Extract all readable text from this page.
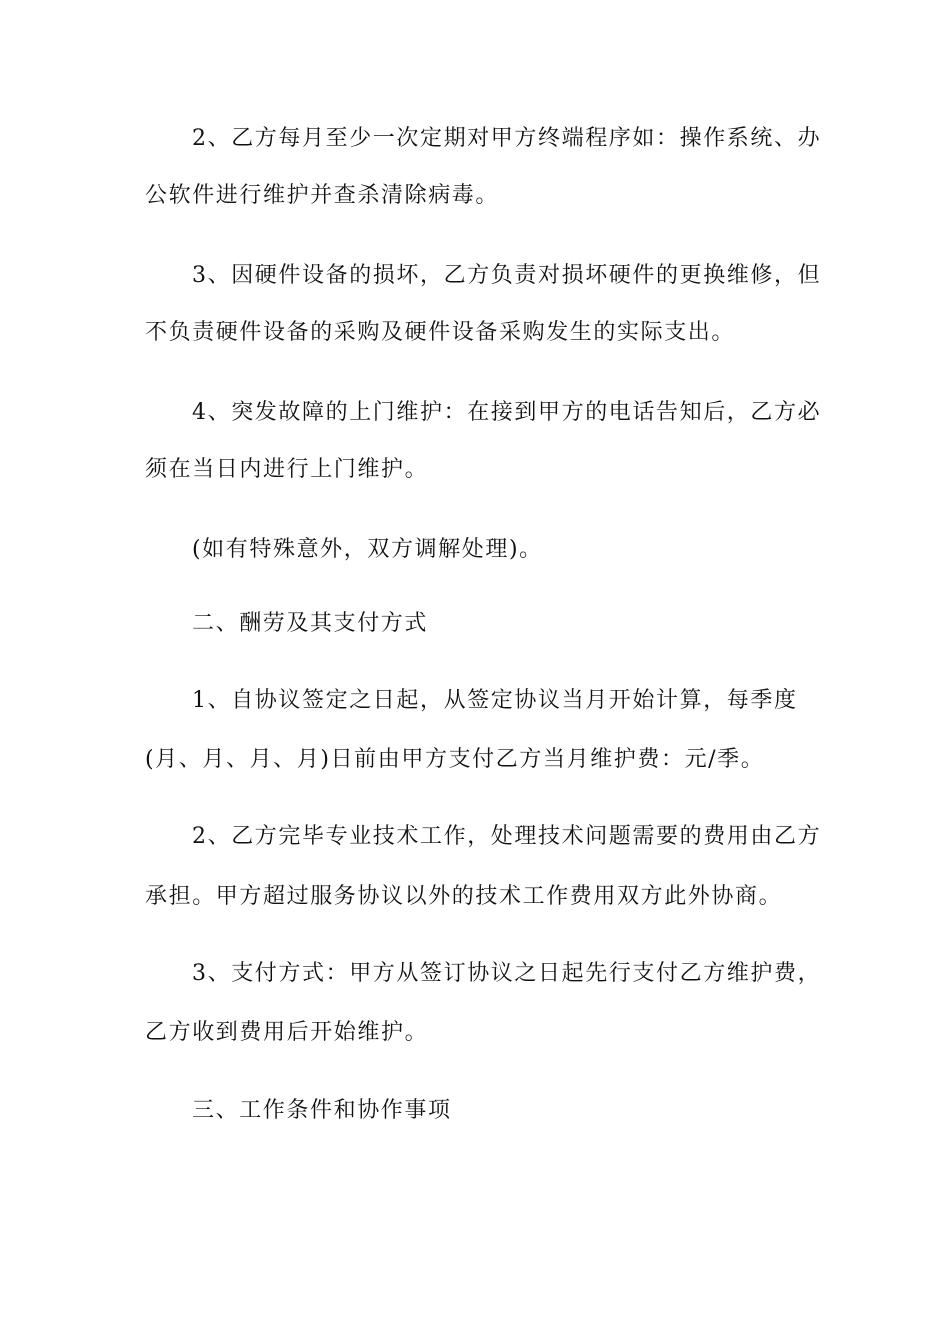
2、乙方每月至少一次定期对甲方终端程序如：操作系统、办

公软件进行维护并查杀清除病毒。

3、因硬件设备的损坏，乙方负责对损坏硬件的更换维修，但

不负责硬件设备的采购及硬件设备采购发生的实际支出。

4、突发故障的上门维护：在接到甲方的电话告知后，乙方必

须在当日内进行上门维护。

(如有特殊意外，双方调解处理)。

二、酬劳及其支付方式

1、自协议签定之日起，从签定协议当月开始计算，每季度

(月、月、月、月)日前由甲方支付乙方当月维护费：元/季。

2、乙方完毕专业技术工作，处理技术问题需要的费用由乙方

承担。甲方超过服务协议以外的技术工作费用双方此外协商。

3、支付方式：甲方从签订协议之日起先行支付乙方维护费，

乙方收到费用后开始维护。

三、工作条件和协作事项
